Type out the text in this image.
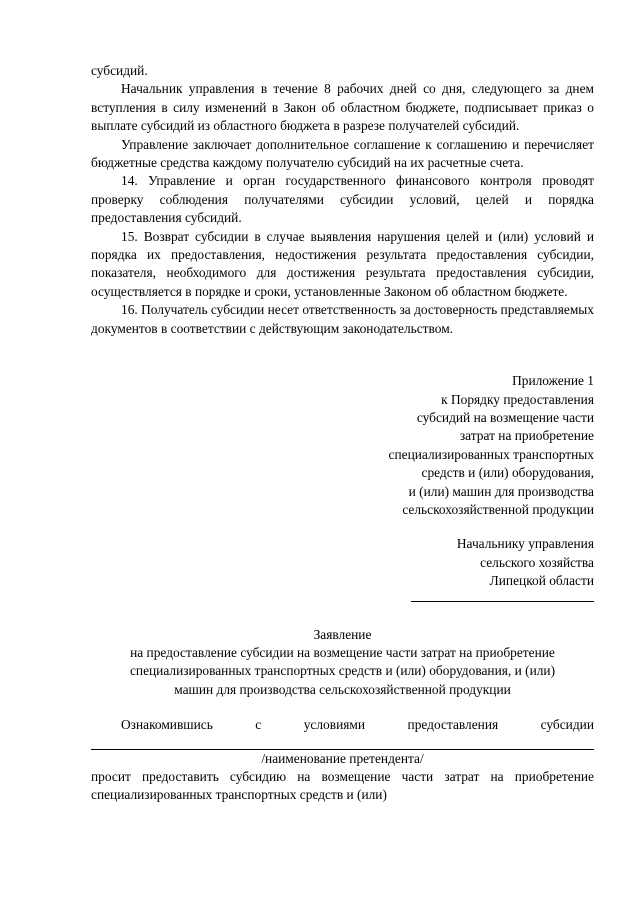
субсидий.

Начальник управления в течение 8 рабочих дней со дня, следующего за днем вступления в силу изменений в Закон об областном бюджете, подписывает приказ о выплате субсидий из областного бюджета в разрезе получателей субсидий.

Управление заключает дополнительное соглашение к соглашению и перечисляет бюджетные средства каждому получателю субсидий на их расчетные счета.

14. Управление и орган государственного финансового контроля проводят проверку соблюдения получателями субсидии условий, целей и порядка предоставления субсидий.

15. Возврат субсидии в случае выявления нарушения целей и (или) условий и порядка их предоставления, недостижения результата предоставления субсидии, показателя, необходимого для достижения результата предоставления субсидии, осуществляется в порядке и сроки, установленные Законом об областном бюджете.

16. Получатель субсидии несет ответственность за достоверность представляемых документов в соответствии с действующим законодательством.

Приложение 1

к Порядку предоставления

субсидий на возмещение части

затрат на приобретение

специализированных транспортных

средств и (или) оборудования,

и (или) машин для производства

сельскохозяйственной продукции

Начальнику управления

сельского хозяйства

Липецкой области

Заявление

на предоставление субсидии на возмещение части затрат на приобретение

специализированных транспортных средств и (или) оборудования, и (или)

машин для производства сельскохозяйственной продукции

Ознакомившись с условиями предоставления субсидии

/наименование претендента/

просит предоставить субсидию на возмещение части затрат на приобретение специализированных транспортных средств и (или)
